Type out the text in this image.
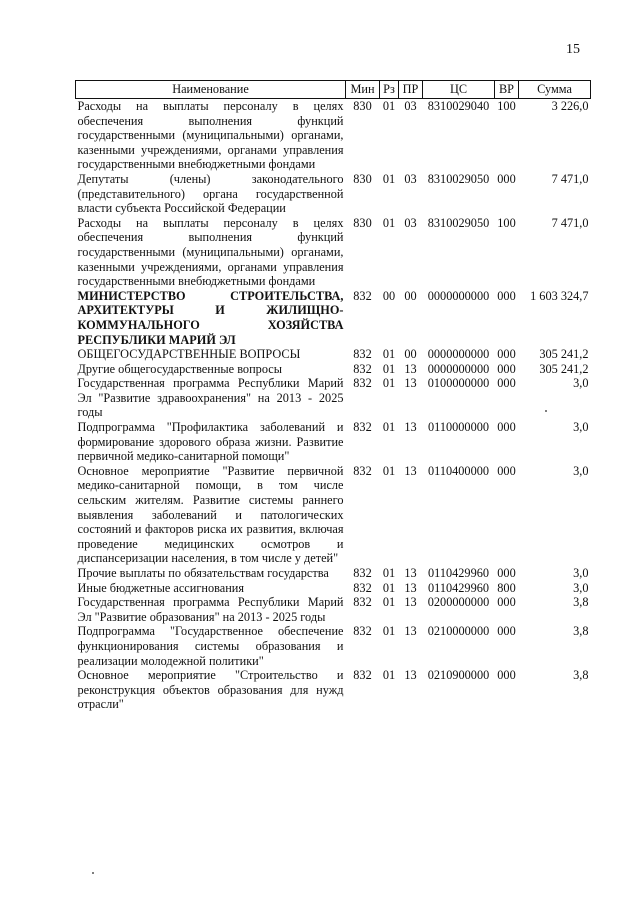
15
Наименование	Мин	Рз	ПР	ЦС	ВР	Сумма
Расходы на выплаты персоналу в целях обеспечения выполнения функций государственными (муниципальными) органами, казенными учреждениями, органами управления государственными внебюджетными фондами	830	01	03	8310029040	100	3 226,0
Депутаты (члены) законодательного (представительного) органа государственной власти субъекта Российской Федерации	830	01	03	8310029050	000	7 471,0
Расходы на выплаты персоналу в целях обеспечения выполнения функций государственными (муниципальными) органами, казенными учреждениями, органами управления государственными внебюджетными фондами	830	01	03	8310029050	100	7 471,0
МИНИСТЕРСТВО СТРОИТЕЛЬСТВА, АРХИТЕКТУРЫ И ЖИЛИЩНО-КОММУНАЛЬНОГО ХОЗЯЙСТВА РЕСПУБЛИКИ МАРИЙ ЭЛ	832	00	00	0000000000	000	1 603 324,7
ОБЩЕГОСУДАРСТВЕННЫЕ ВОПРОСЫ	832	01	00	0000000000	000	305 241,2
Другие общегосударственные вопросы	832	01	13	0000000000	000	305 241,2
Государственная программа Республики Марий Эл "Развитие здравоохранения" на 2013 - 2025 годы	832	01	13	0100000000	000	3,0
Подпрограмма "Профилактика заболеваний и формирование здорового образа жизни. Развитие первичной медико-санитарной помощи"	832	01	13	0110000000	000	3,0
Основное мероприятие "Развитие первичной медико-санитарной помощи, в том числе сельским жителям. Развитие системы раннего выявления заболеваний и патологических состояний и факторов риска их развития, включая проведение медицинских осмотров и диспансеризации населения, в том числе у детей"	832	01	13	0110400000	000	3,0
Прочие выплаты по обязательствам государства	832	01	13	0110429960	000	3,0
Иные бюджетные ассигнования	832	01	13	0110429960	800	3,0
Государственная программа Республики Марий Эл "Развитие образования" на 2013 - 2025 годы	832	01	13	0200000000	000	3,8
Подпрограмма "Государственное обеспечение функционирования системы образования и реализации молодежной политики"	832	01	13	0210000000	000	3,8
Основное мероприятие "Строительство и реконструкция объектов образования для нужд отрасли"	832	01	13	0210900000	000	3,8
